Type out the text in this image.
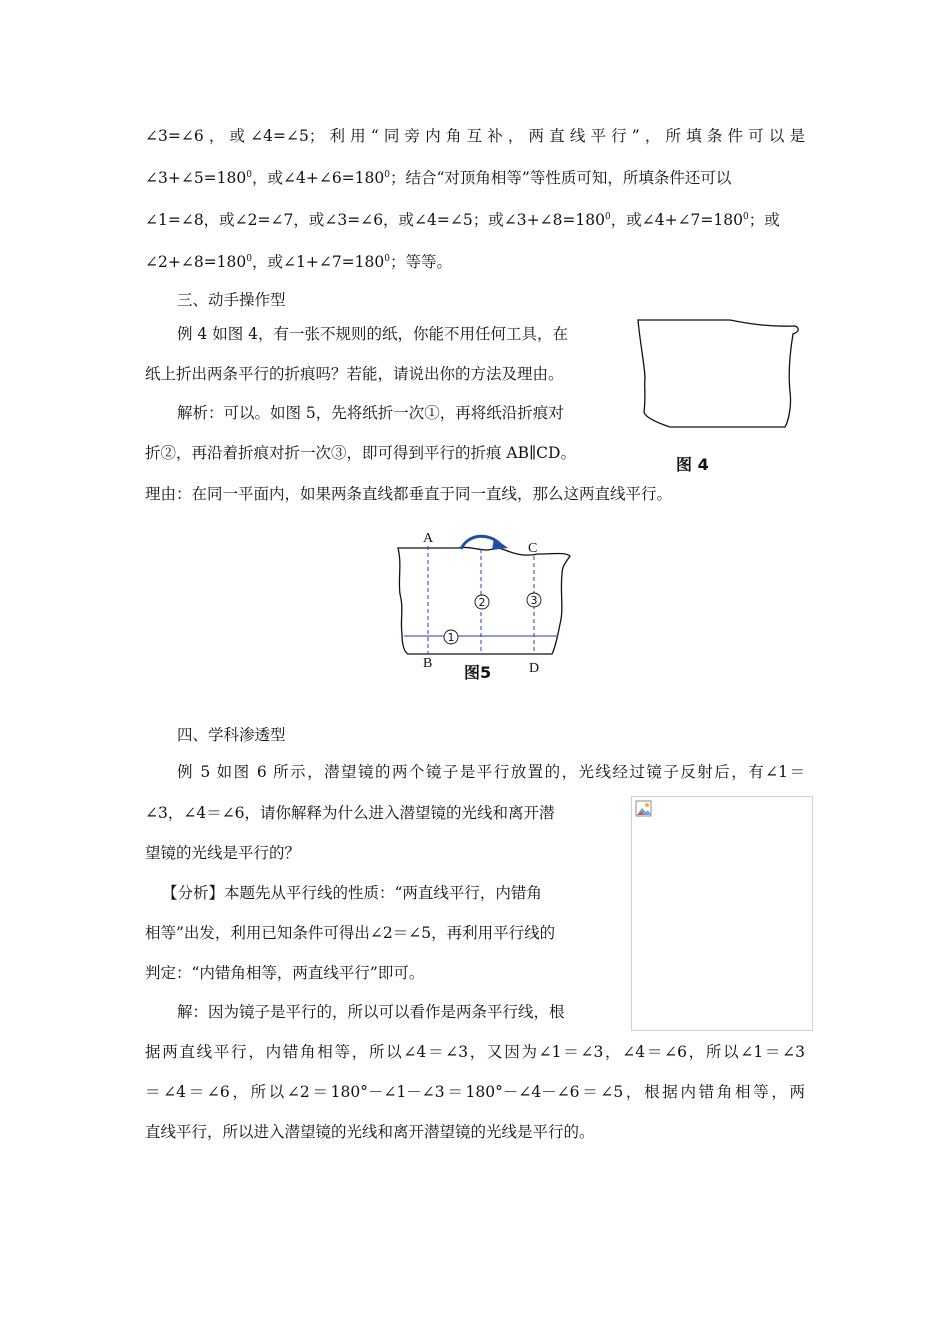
∠3=∠6，或∠4=∠5；利用“同旁内角互补，两直线平行”，所填条件可以是
$\angle 3+\angle 5=180^0$，或$\angle 4+\angle 6=180^0$；结合“对顶角相等”等性质可知，所填条件还可以
∠1=∠8，或∠2=∠7，或∠3=∠6，或∠4=∠5；或$\angle 3+\angle 8=180^0$，或$\angle 4+\angle 7=180^0$；或
$\angle 2+\angle 8=180^0$，或$\angle 1+\angle 7=180^0$；等等。
三、动手操作型
例 4 如图 4，有一张不规则的纸，你能不用任何工具，在
纸上折出两条平行的折痕吗？若能，请说出你的方法及理由。
解析：可以。如图 5，先将纸折一次①，再将纸沿折痕对
折②，再沿着折痕对折一次③，即可得到平行的折痕 AB∥CD。
理由：在同一平面内，如果两条直线都垂直于同一直线，那么这两直线平行。
图 4
A
C
B	D
1
2	3
图5
四、学科渗透型
例 5 如图 6 所示，潜望镜的两个镜子是平行放置的，光线经过镜子反射后，有∠1＝
∠3，∠4＝∠6，请你解释为什么进入潜望镜的光线和离开潜
望镜的光线是平行的？
【分析】本题先从平行线的性质：“两直线平行，内错角
相等”出发，利用已知条件可得出∠2＝∠5，再利用平行线的
判定：“内错角相等，两直线平行”即可。
解：因为镜子是平行的，所以可以看作是两条平行线，根
据两直线平行，内错角相等，所以∠4＝∠3，又因为∠1＝∠3，∠4＝∠6，所以∠1＝∠3
＝∠4＝∠6，所以∠2＝180°－∠1－∠3＝180°－∠4－∠6＝∠5，根据内错角相等，两
直线平行，所以进入潜望镜的光线和离开潜望镜的光线是平行的。
